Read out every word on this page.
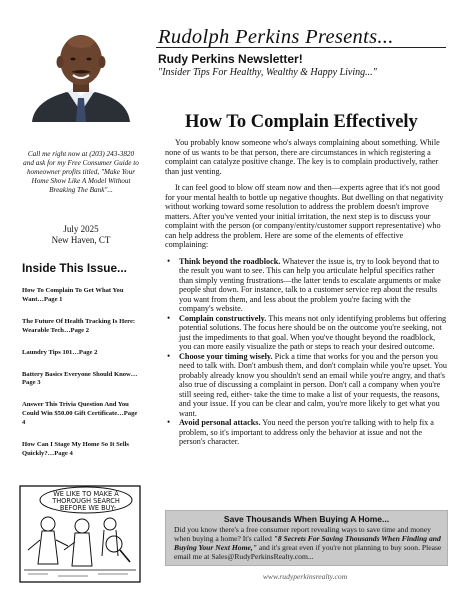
Rudolph Perkins Presents...
Rudy Perkins Newsletter!
"Insider Tips For Healthy, Wealthy & Happy Living..."
Call me right now at (203) 243-3820 and ask for my Free Consumer Guide to homeowner profits titled, "Make Your Home Show Like A Model Without Breaking The Bank"...
July 2025
New Haven, CT
Inside This Issue...
How To Complain To Get What You Want…Page 1
The Future Of Health Tracking Is Here: Wearable Tech…Page 2
Laundry Tips 101…Page 2
Battery Basics Everyone Should Know…Page 3
Answer This Trivia Question And You Could Win $50.00 Gift Certificate…Page 4
How Can I Stage My Home So It Sells Quickly?…Page 4
WE LIKE TO MAKE A
THOROUGH SEARCH
BEFORE WE BUY-
How To Complain Effectively

You probably know someone who's always complaining about something. While none of us wants to be that person, there are circumstances in which registering a complaint can catalyze positive change. The key is to complain productively, rather than just venting.

It can feel good to blow off steam now and then—experts agree that it's not good for your mental health to bottle up negative thoughts. But dwelling on that negativity without working toward some resolution to address the problem doesn't improve matters. After you've vented your initial irritation, the next step is to discuss your complaint with the person (or company/entity/customer support representative) who can help address the problem. Here are some of the elements of effective complaining:

• Think beyond the roadblock. Whatever the issue is, try to look beyond that to the result you want to see. This can help you articulate helpful specifics rather than simply venting frustrations—the latter tends to escalate arguments or make people shut down. For instance, talk to a customer service rep about the results you want from them, and less about the problem you're facing with the company's website.
• Complain constructively. This means not only identifying problems but offering potential solutions. The focus here should be on the outcome you're seeking, not just the impediments to that goal. When you've thought beyond the roadblock, you can more easily visualize the path or steps to reach your desired outcome.
• Choose your timing wisely. Pick a time that works for you and the person you need to talk with. Don't ambush them, and don't complain while you're upset. You probably already know you shouldn't send an email while you're angry, and that's also true of discussing a complaint in person. Don't call a company when you're still seeing red, either- take the time to make a list of your requests, the reasons, and your issue. If you can be clear and calm, you're more likely to get what you want.
• Avoid personal attacks. You need the person you're talking with to help fix a problem, so it's important to address only the behavior at issue and not the person's character.
Save Thousands When Buying A Home...
Did you know there's a free consumer report revealing ways to save time and money when buying a home? It's called "8 Secrets For Saving Thousands When Finding and Buying Your Next Home," and it's great even if you're not planning to buy soon. Please email me at Sales@RudyPerkinsRealty.com...
www.rudyperkinsrealty.com
